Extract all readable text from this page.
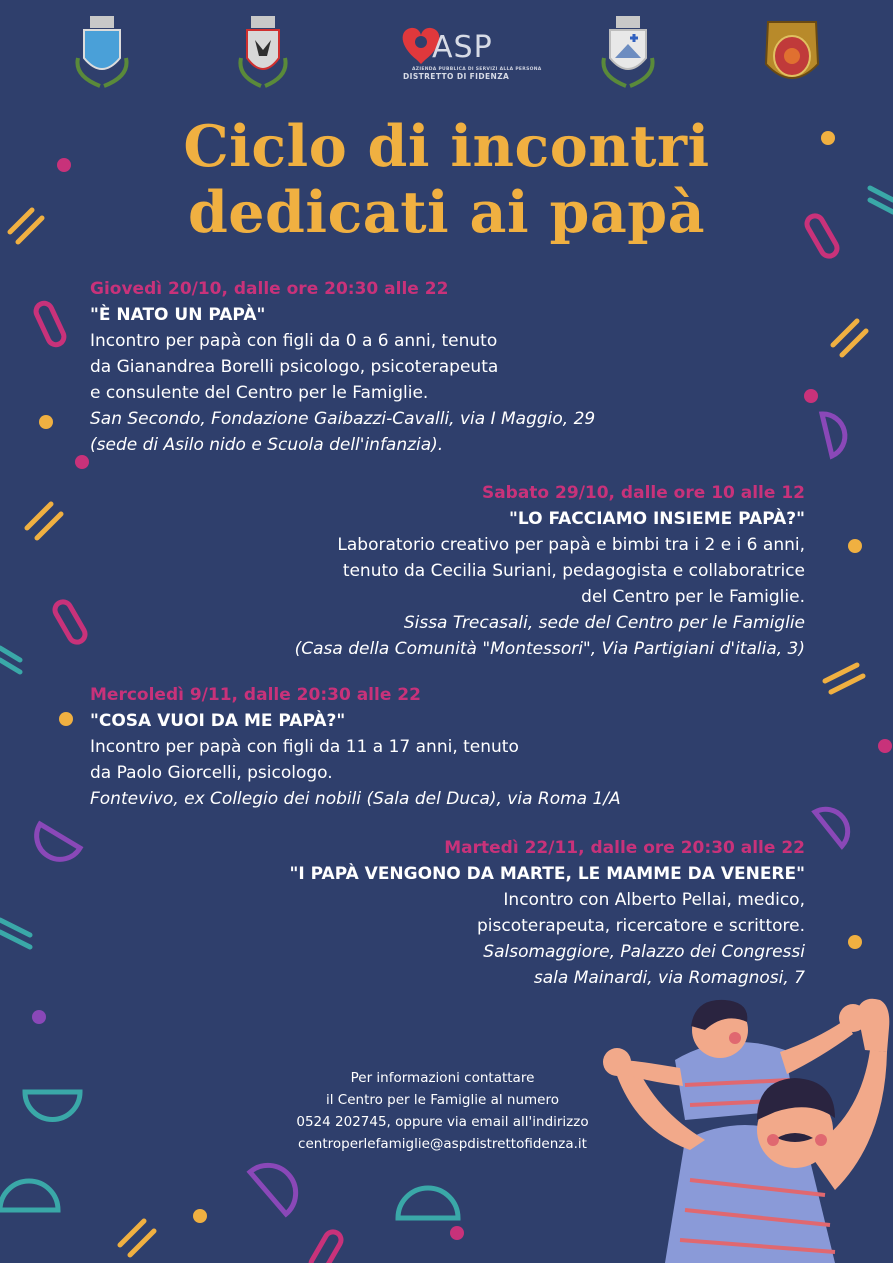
ASP
AZIENDA PUBBLICA DI SERVIZI ALLA PERSONA
DISTRETTO DI FIDENZA
Ciclo di incontri
dedicati ai papà
Giovedì 20/10, dalle ore 20:30 alle 22
"È NATO UN PAPÀ"
Incontro per papà con figli da 0 a 6 anni, tenuto
da Gianandrea Borelli psicologo, psicoterapeuta
e consulente del Centro per le Famiglie.
San Secondo, Fondazione Gaibazzi-Cavalli, via I Maggio, 29
(sede di Asilo nido e Scuola dell'infanzia).
Sabato 29/10, dalle ore 10 alle 12
"LO FACCIAMO INSIEME PAPÀ?"
Laboratorio creativo per papà e bimbi tra i 2 e i 6 anni,
tenuto da Cecilia Suriani, pedagogista e collaboratrice
del Centro per le Famiglie.
Sissa Trecasali, sede del Centro per le Famiglie
(Casa della Comunità "Montessori", Via Partigiani d'italia, 3)
Mercoledì 9/11, dalle 20:30 alle 22
"COSA VUOI DA ME PAPÀ?"
Incontro per papà con figli da 11 a 17 anni, tenuto
da Paolo Giorcelli, psicologo.
Fontevivo, ex Collegio dei nobili (Sala del Duca), via Roma 1/A
Martedì 22/11, dalle ore 20:30 alle 22
"I PAPÀ VENGONO DA MARTE, LE MAMME DA VENERE"
Incontro con Alberto Pellai, medico,
piscoterapeuta, ricercatore e scrittore.
Salsomaggiore, Palazzo dei Congressi
sala Mainardi, via Romagnosi, 7
Per informazioni contattare
il Centro per le Famiglie al numero
0524 202745, oppure via email all'indirizzo
centroperlefamiglie@aspdistrettofidenza.it
